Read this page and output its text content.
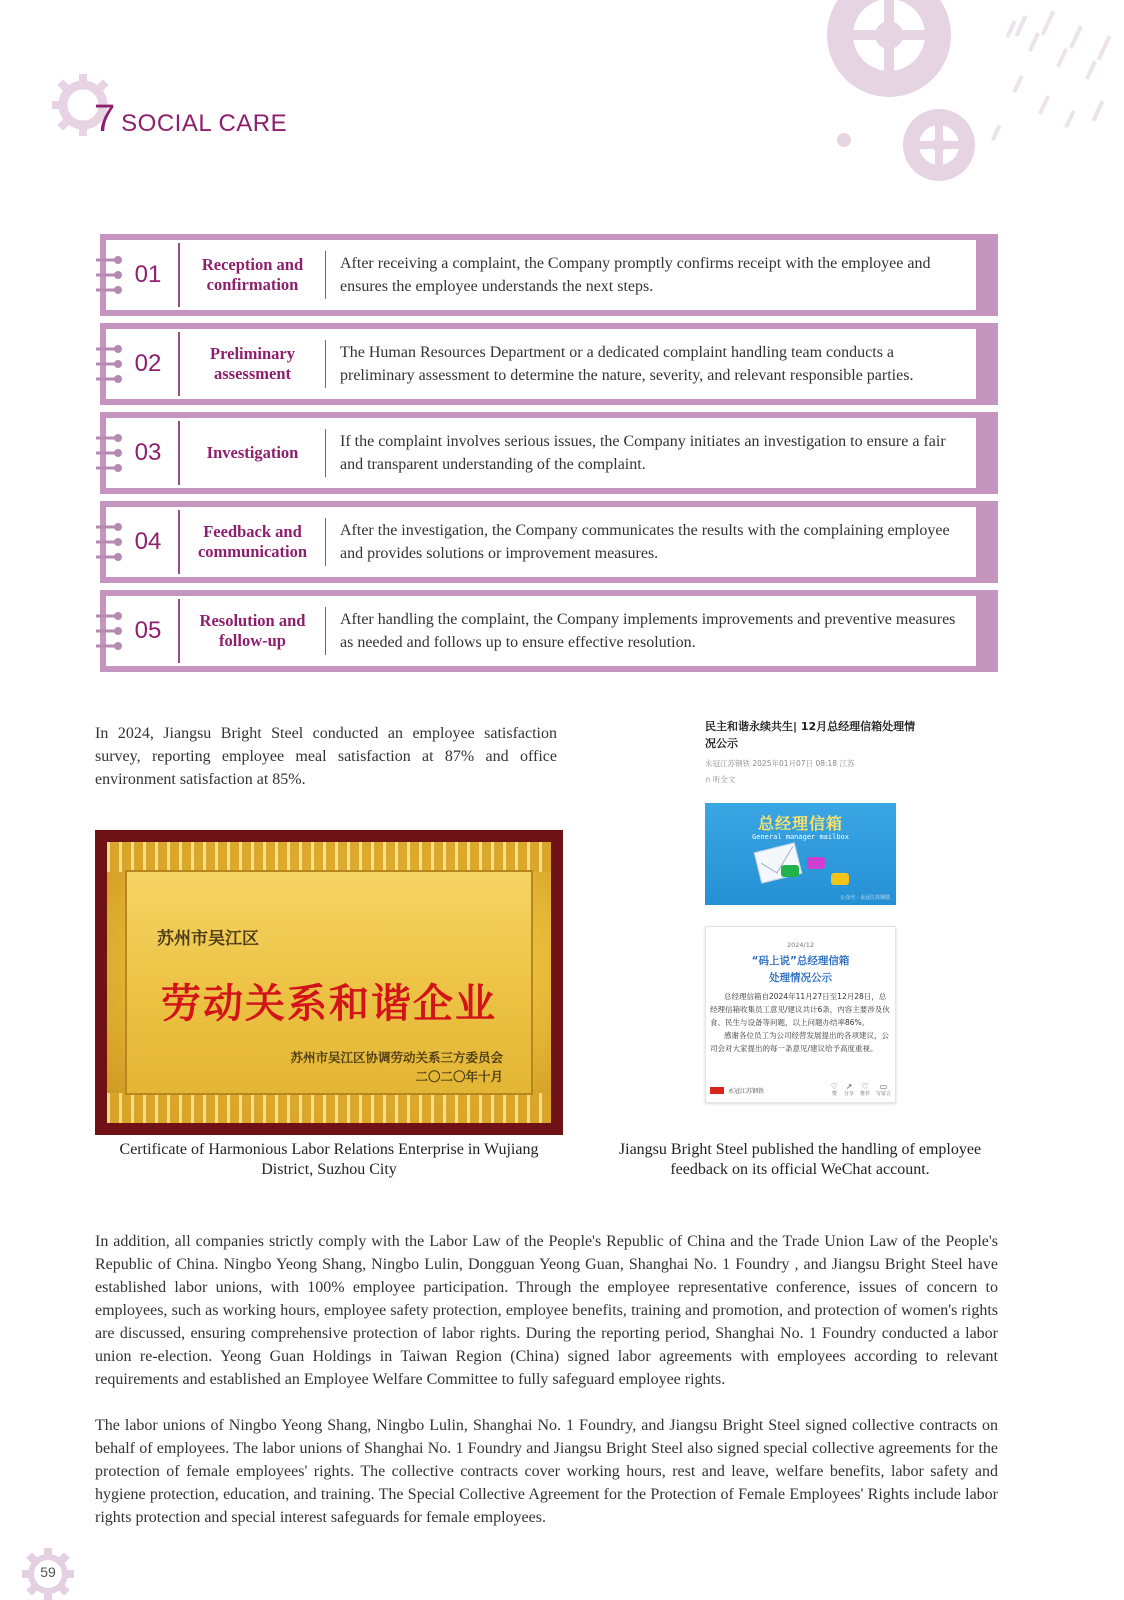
7 SOCIAL CARE
01	Reception and confirmation
After receiving a complaint, the Company promptly confirms receipt with the employee and ensures the employee understands the next steps.
02	Preliminary assessment
The Human Resources Department or a dedicated complaint handling team conducts a preliminary assessment to determine the nature, severity, and relevant responsible parties.
03	Investigation
If the complaint involves serious issues, the Company initiates an investigation to ensure a fair and transparent understanding of the complaint.
04	Feedback and communication
After the investigation, the Company communicates the results with the complaining employee and provides solutions or improvement measures.
05	Resolution and follow-up
After handling the complaint, the Company implements improvements and preventive measures as needed and follows up to ensure effective resolution.

In 2024, Jiangsu Bright Steel conducted an employee satisfaction survey, reporting employee meal satisfaction at 87% and office environment satisfaction at 85%.

苏州市吴江区
劳动关系和谐企业
苏州市吴江区协调劳动关系三方委员会
二〇二〇年十月
Certificate of Harmonious Labor Relations Enterprise in Wujiang District, Suzhou City
民主和谐永续共生| 12月总经理信箱处理情况公示
永冠江苏钢铁 2025年01月07日 08:18 江苏
∩ 听全文
总经理信箱
General manager mailbox
公众号 · 永冠江苏钢铁
2024/12
“码上说”总经理信箱
处理情况公示

总经理信箱自2024年11月27日至12月28日，总经理信箱收集员工意见/建议共计6条，内容主要涉及伙食、民生与设备等问题，以上问题办结率86%。

感谢各位员工为公司经营发展提出的各项建议，公司会对大家提出的每一条意见/建议给予高度重视。

永冠江苏钢铁
♡
赞
↗
分享
♡
推荐
▭
写留言
Jiangsu Bright Steel published the handling of employee feedback on its official WeChat account.

In addition, all companies strictly comply with the Labor Law of the People's Republic of China and the Trade Union Law of the People's Republic of China. Ningbo Yeong Shang, Ningbo Lulin, Dongguan Yeong Guan, Shanghai No. 1 Foundry , and Jiangsu Bright Steel have established labor unions, with 100% employee participation. Through the employee representative conference, issues of concern to employees, such as working hours, employee safety protection, employee benefits, training and promotion, and protection of women's rights are discussed, ensuring comprehensive protection of labor rights. During the reporting period, Shanghai No. 1 Foundry conducted a labor union re-election. Yeong Guan Holdings in Taiwan Region (China) signed labor agreements with employees according to relevant requirements and established an Employee Welfare Committee to fully safeguard employee rights.

The labor unions of Ningbo Yeong Shang, Ningbo Lulin, Shanghai No. 1 Foundry, and Jiangsu Bright Steel signed collective contracts on behalf of employees. The labor unions of Shanghai No. 1 Foundry and Jiangsu Bright Steel also signed special collective agreements for the protection of female employees' rights. The collective contracts cover working hours, rest and leave, welfare benefits, labor safety and hygiene protection, education, and training. The Special Collective Agreement for the Protection of Female Employees' Rights include labor rights protection and special interest safeguards for female employees.

59
